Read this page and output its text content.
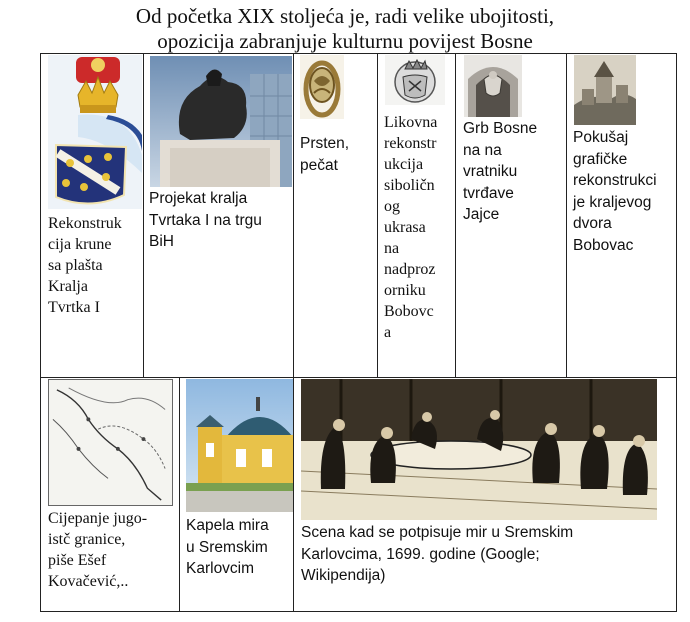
Od početka XIX stoljeća je, radi velike ubojitosti,
opozicija zabranjuje kulturnu povijest Bosne
Rekonstruk
cija krune
sa plašta
Kralja
Tvrtka I
Projekat kralja
Tvrtaka I na trgu
BiH
Prsten,
pečat
Likovna
rekonstr
ukcija
siboličn
og
ukrasa
na
nadproz
orniku
Bobovc
a
Grb Bosne
na na
vratniku
tvrđave
Jajce
Pokušaj
grafičke
rekonstrukci
je kraljevog
dvora
Bobovac
Cijepanje jugo-
istč granice,
piše Ešef
Kovačević,..
Kapela mira
u Sremskim
Karlovcim
Scena kad se potpisuje mir u Sremskim
Karlovcima, 1699. godine (Google;
Wikipendija)
